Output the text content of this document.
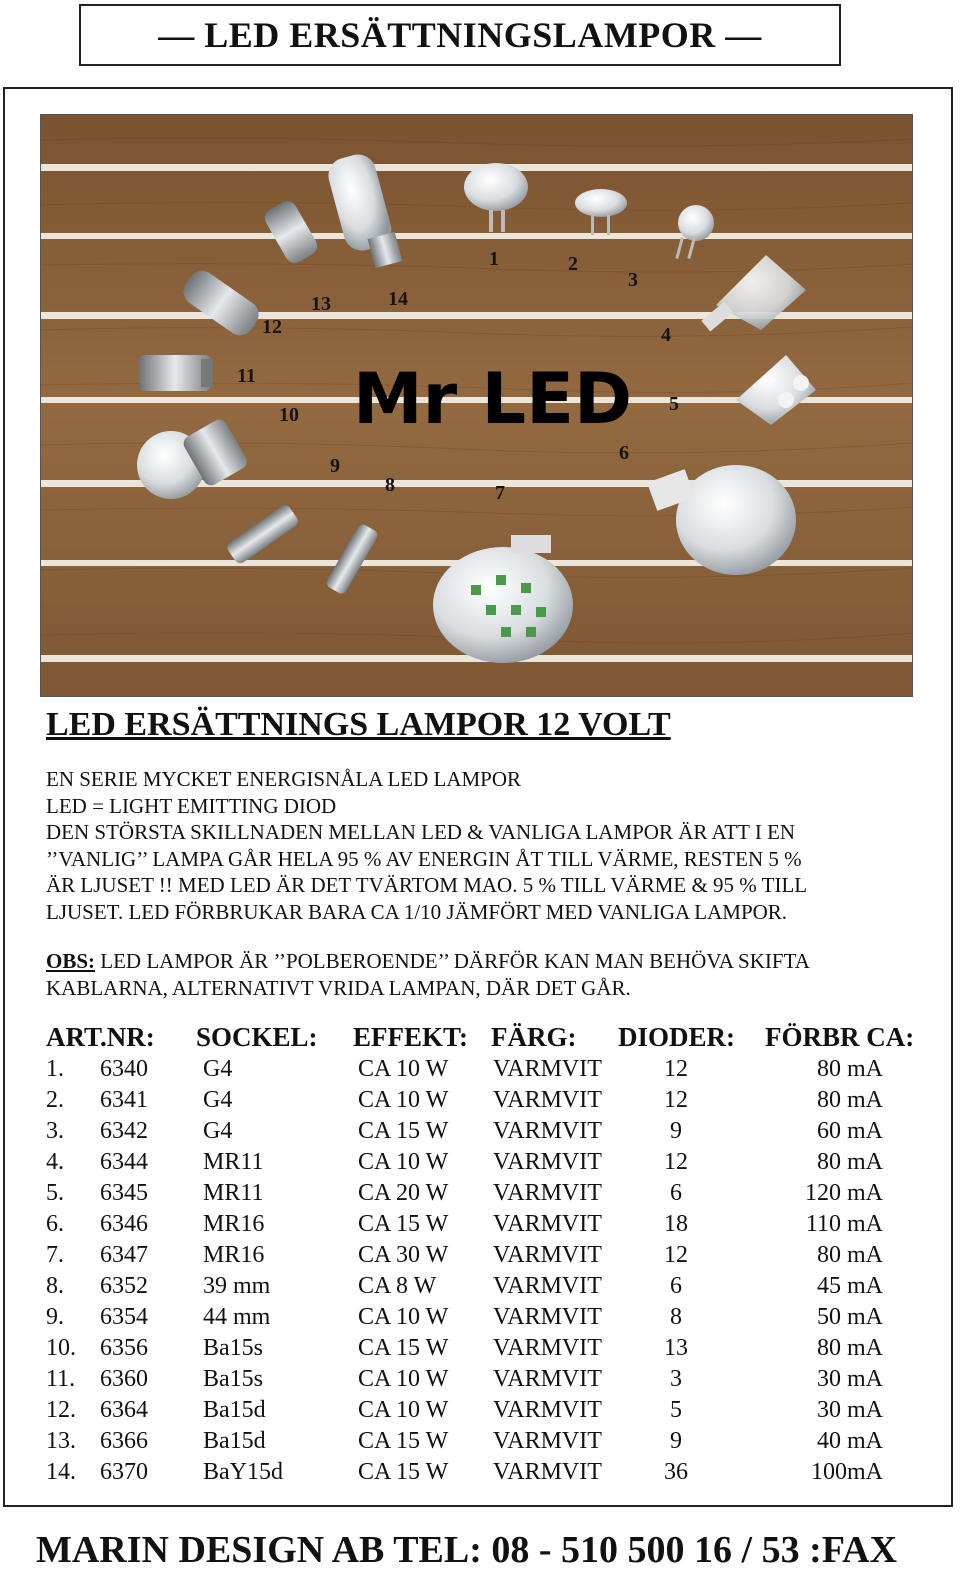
— LED ERSÄTTNINGSLAMPOR —
Mr LED
1	2
3
4
5
6
7
8
9
10
11
12
13	14
LED ERSÄTTNINGS LAMPOR 12 VOLT
EN SERIE MYCKET ENERGISNÅLA LED LAMPOR
LED = LIGHT EMITTING DIOD
DEN STÖRSTA SKILLNADEN MELLAN LED & VANLIGA LAMPOR ÄR ATT I EN
’’VANLIG’’ LAMPA GÅR HELA 95 % AV ENERGIN ÅT TILL VÄRME, RESTEN 5 %
ÄR LJUSET !! MED LED ÄR DET TVÄRTOM MAO. 5 % TILL VÄRME & 95 % TILL
LJUSET. LED FÖRBRUKAR BARA CA 1/10 JÄMFÖRT MED VANLIGA LAMPOR.
OBS: LED LAMPOR ÄR ’’POLBEROENDE’’ DÄRFÖR KAN MAN BEHÖVA SKIFTA
KABLARNA, ALTERNATIVT VRIDA LAMPAN, DÄR DET GÅR.
ART.NR: SOCKEL: EFFEKT: FÄRG: DIODER: FÖRBR CA:
1. 6340 G4	CA 10 W VARMVIT	12	80 mA
2. 6341 G4	CA 10 W VARMVIT	12	80 mA
3. 6342 G4	CA 15 W VARMVIT	9	60 mA
4. 6344 MR11	CA 10 W VARMVIT	12	80 mA
5. 6345 MR11	CA 20 W VARMVIT	6	120 mA
6. 6346 MR16	CA 15 W VARMVIT	18	110 mA
7. 6347 MR16	CA 30 W VARMVIT	12	80 mA
8. 6352 39 mm	CA 8 W VARMVIT	6	45 mA
9. 6354 44 mm	CA 10 W VARMVIT	8	50 mA
10. 6356 Ba15s	CA 15 W VARMVIT	13	80 mA
11. 6360 Ba15s	CA 10 W VARMVIT	3	30 mA
12. 6364 Ba15d	CA 10 W VARMVIT	5	30 mA
13. 6366 Ba15d	CA 15 W VARMVIT	9	40 mA
14. 6370 BaY15d	CA 15 W VARMVIT	36	100mA
MARIN DESIGN AB TEL: 08 - 510 500 16 / 53 :FAX
